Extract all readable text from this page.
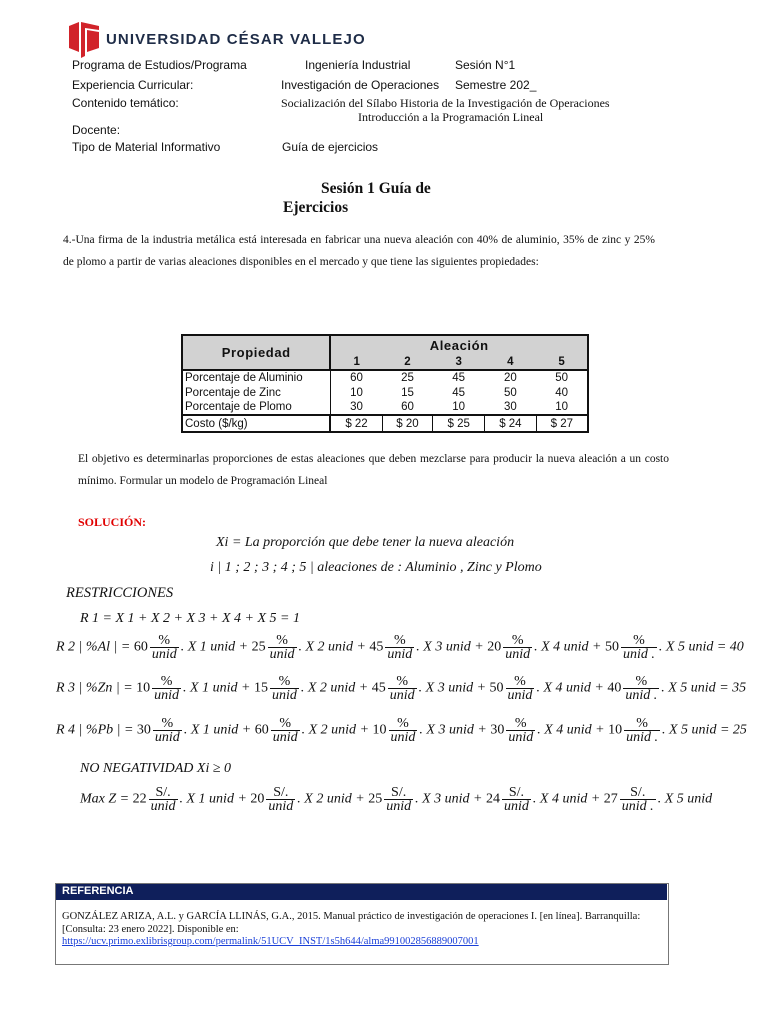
UNIVERSIDAD CÉSAR VALLEJO
Programa de Estudios/Programa	Ingeniería Industrial	Sesión N°1
Experiencia Curricular:	Investigación de Operaciones Semestre 202_
Contenido temático:	Socialización del Sílabo Historia de la Investigación de Operaciones
Introducción a la Programación Lineal
Docente:
Tipo de Material Informativo	Guía de ejercicios
Sesión 1 Guía de
Ejercicios
4.-Una firma de la industria metálica está interesada en fabricar una nueva aleación con 40% de aluminio, 35% de zinc y 25% de plomo a partir de varias aleaciones disponibles en el mercado y que tiene las siguientes propiedades:
Propiedad	Aleación				
	1	2	3	4	5
Porcentaje de Aluminio	60	25	45	20	50
Porcentaje de Zinc	10	15	45	50	40
Porcentaje de Plomo	30	60	10	30	10
Costo ($/kg)	$ 22	$ 20	$ 25	$ 24	$ 27
El objetivo es determinarlas proporciones de estas aleaciones que deben mezclarse para producir la nueva aleación a un costo mínimo. Formular un modelo de Programación Lineal
SOLUCIÓN:
Xi = La proporción que debe tener la nueva aleación
i | 1 ; 2 ; 3 ; 4 ; 5 | aleaciones de : Aluminio , Zinc y Plomo
RESTRICCIONES
R 1 = X 1 + X 2 + X 3 + X 4 + X 5 = 1
R 2 | %Al | = $60 \frac{\%}{\text{unid}}$ . X 1 unid + $25 \frac{\%}{\text{unid}}$ . X 2 unid + $45 \frac{\%}{\text{unid}}$ . X 3 unid + $20 \frac{\%}{\text{unid}}$ . X 4 unid + $50 \frac{\%}{\text{unid .}}$ . X 5 unid = 40
R 3 | %Zn | = $10 \frac{\%}{\text{unid}}$ . X 1 unid + $15 \frac{\%}{\text{unid}}$ . X 2 unid + $45 \frac{\%}{\text{unid}}$ . X 3 unid + $50 \frac{\%}{\text{unid}}$ . X 4 unid + $40 \frac{\%}{\text{unid .}}$ . X 5 unid = 35
R 4 | %Pb | = $30 \frac{\%}{\text{unid}}$ . X 1 unid + $60 \frac{\%}{\text{unid}}$ . X 2 unid + $10 \frac{\%}{\text{unid}}$ . X 3 unid + $30 \frac{\%}{\text{unid}}$ . X 4 unid + $10 \frac{\%}{\text{unid .}}$ . X 5 unid = 25
NO NEGATIVIDAD Xi ≥ 0
Max $Z = 22 \frac{S/.}{\text{unid}}$ . X 1 unid + $20 \frac{S/.}{\text{unid}}$ . X 2 unid + $25 \frac{S/.}{\text{unid}}$ . X 3 unid + $24 \frac{S/.}{\text{unid}}$ . X 4 unid + $27 \frac{S/.}{\text{unid .}}$ . X 5 unid
REFERENCIA
GONZÁLEZ ARIZA, A.L. y GARCÍA LLINÁS, G.A., 2015. Manual práctico de investigación de operaciones I. [en línea]. Barranquilla: [Consulta: 23 enero 2022]. Disponible en:
https://ucv.primo.exlibrisgroup.com/permalink/51UCV_INST/1s5h644/alma991002856889007001
